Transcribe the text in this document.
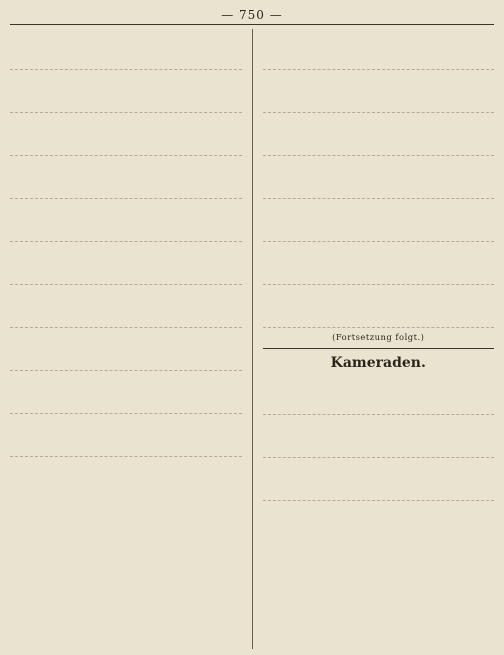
— 750 —

(Fortsetzung folgt.)

Kameraden.
